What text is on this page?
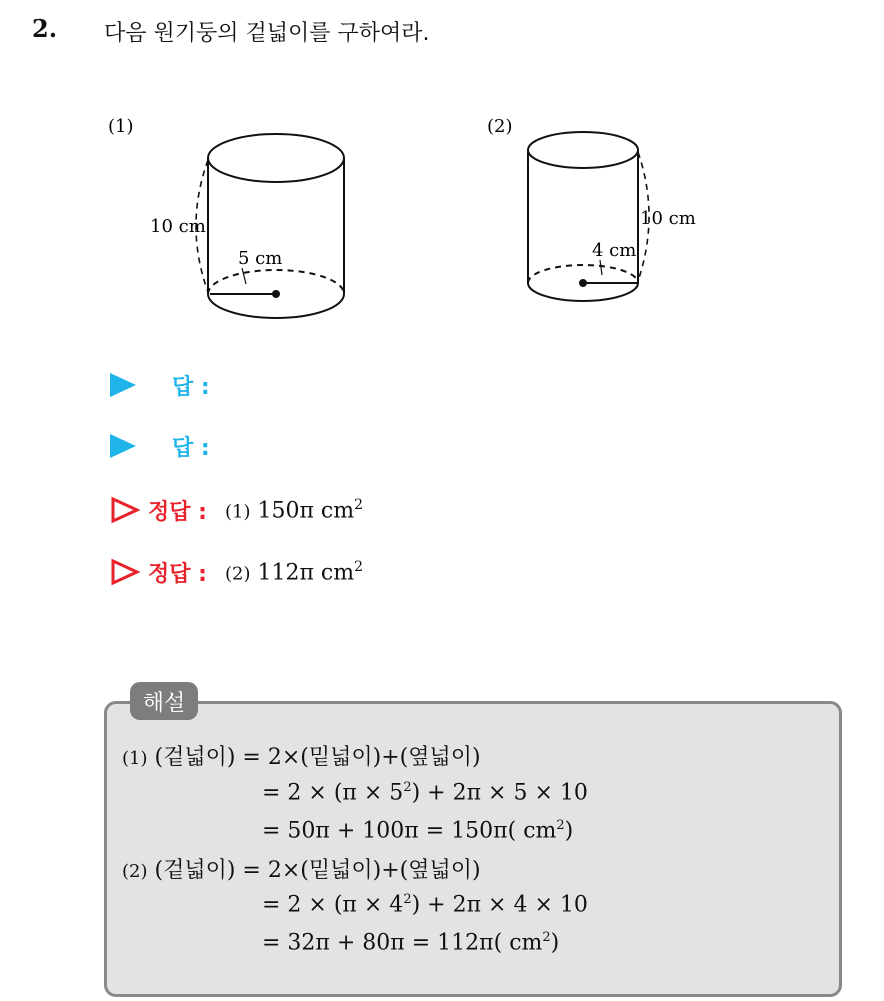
2. 다음 원기둥의 겉넓이를 구하여라.
(1)
10 cm
5 cm
(2)
10 cm
4 cm
답 :
답 :
정답 : (1) 150π $cm^2$
정답 : (2) 112π $cm^2$
해설
(1) (겉넓이) = 2×(밑넓이)+(옆넓이)
= $2 \times (\pi \times 5^2) + 2\pi \times 5 \times 10$
= 50π + 100π = 150π( $cm^2$)
(2) (겉넓이) = 2×(밑넓이)+(옆넓이)
= $2 \times (\pi \times 4^2) + 2\pi \times 4 \times 10$
= 32π + 80π = 112π( $cm^2$)
